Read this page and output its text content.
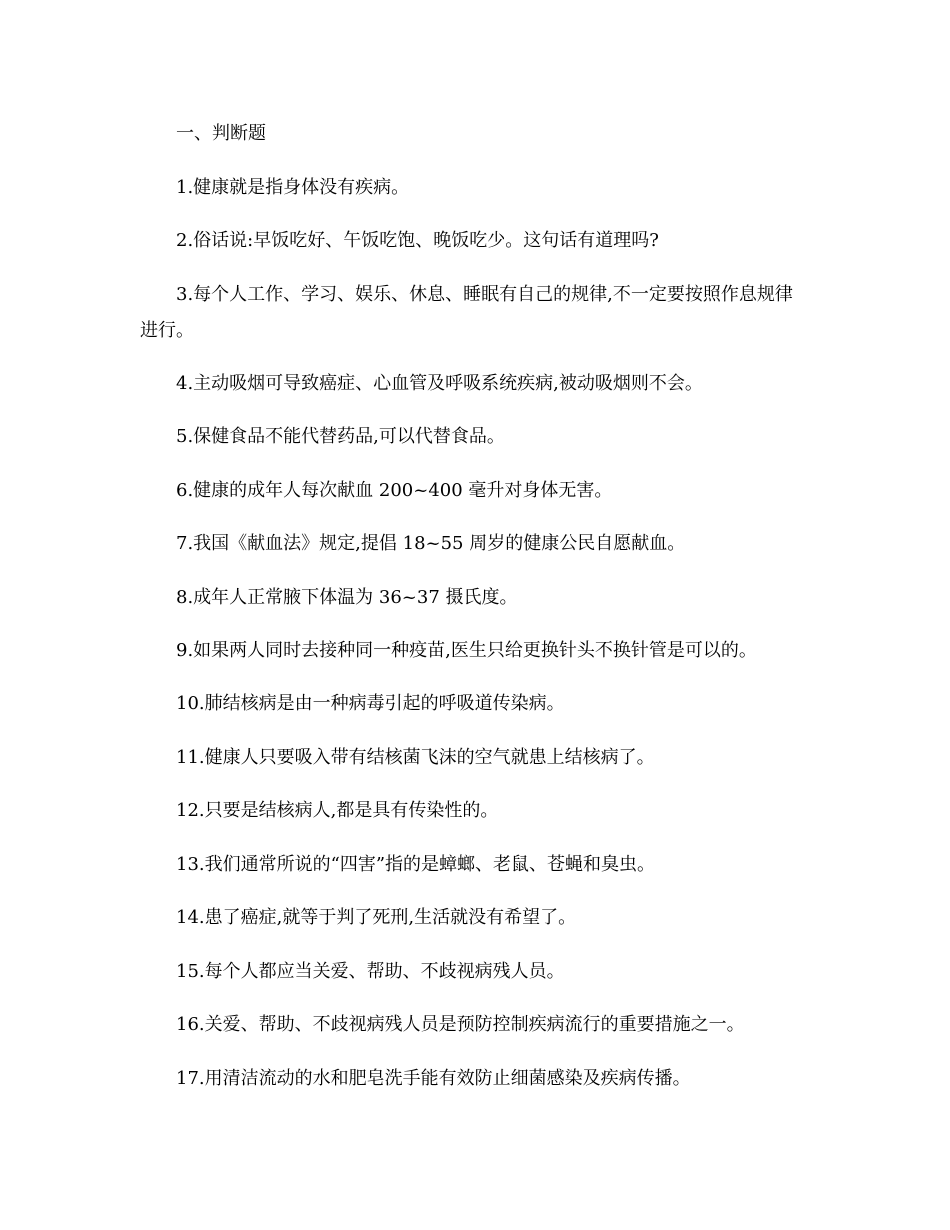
一、判断题
1.健康就是指身体没有疾病。
2.俗话说:早饭吃好、午饭吃饱、晚饭吃少。这句话有道理吗?
3.每个人工作、学习、娱乐、休息、睡眠有自己的规律,不一定要按照作息规律
进行。
4.主动吸烟可导致癌症、心血管及呼吸系统疾病,被动吸烟则不会。
5.保健食品不能代替药品,可以代替食品。
6.健康的成年人每次献血 200~400 毫升对身体无害。
7.我国《献血法》规定,提倡 18~55 周岁的健康公民自愿献血。
8.成年人正常腋下体温为 36~37 摄氏度。
9.如果两人同时去接种同一种疫苗,医生只给更换针头不换针管是可以的。
10.肺结核病是由一种病毒引起的呼吸道传染病。
11.健康人只要吸入带有结核菌飞沫的空气就患上结核病了。
12.只要是结核病人,都是具有传染性的。
13.我们通常所说的“四害”指的是蟑螂、老鼠、苍蝇和臭虫。
14.患了癌症,就等于判了死刑,生活就没有希望了。
15.每个人都应当关爱、帮助、不歧视病残人员。
16.关爱、帮助、不歧视病残人员是预防控制疾病流行的重要措施之一。
17.用清洁流动的水和肥皂洗手能有效防止细菌感染及疾病传播。
